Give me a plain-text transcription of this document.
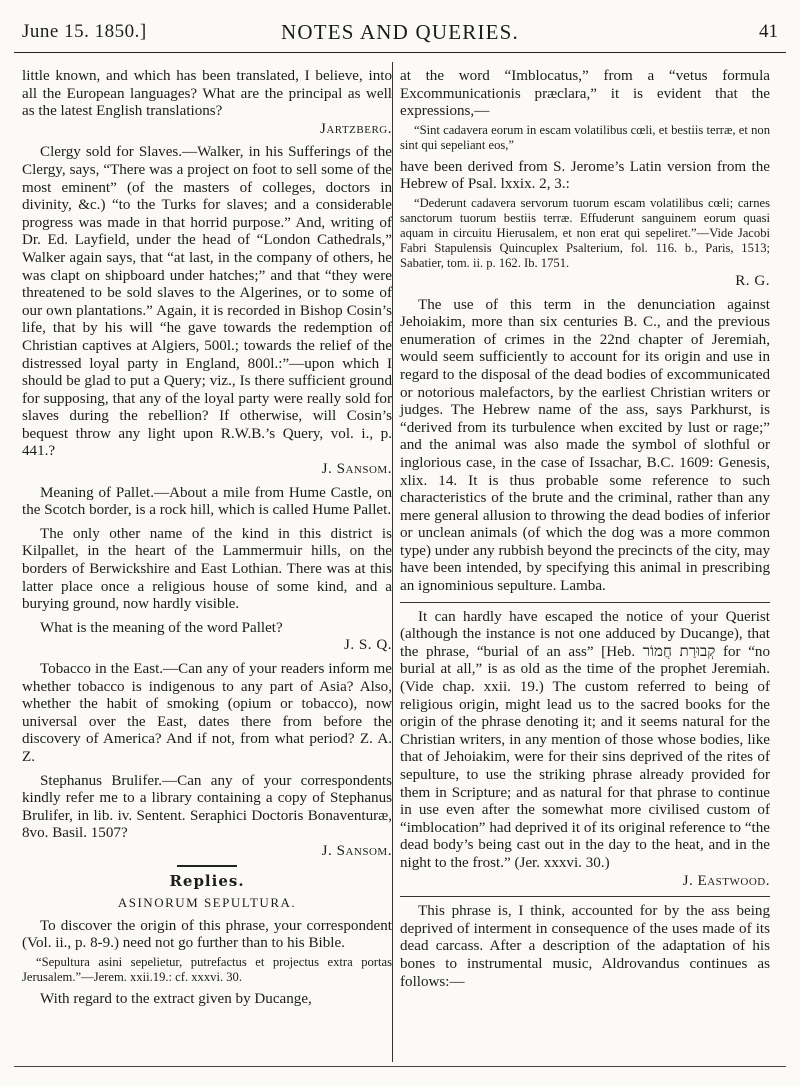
June 15. 1850.]	NOTES AND QUERIES.	41

little known, and which has been translated, I believe, into all the European languages? What are the principal as well as the latest English translations?

Jartzberg.

Clergy sold for Slaves.—Walker, in his Sufferings of the Clergy, says, “There was a project on foot to sell some of the most eminent” (of the masters of colleges, doctors in divinity, &c.) “to the Turks for slaves; and a considerable progress was made in that horrid purpose.” And, writing of Dr. Ed. Layfield, under the head of “London Cathedrals,” Walker again says, that “at last, in the company of others, he was clapt on shipboard under hatches;” and that “they were threatened to be sold slaves to the Algerines, or to some of our own plantations.” Again, it is recorded in Bishop Cosin’s life, that by his will “he gave towards the redemption of Christian captives at Algiers, 500l.; towards the relief of the distressed loyal party in England, 800l.:”—upon which I should be glad to put a Query; viz., Is there sufficient ground for supposing, that any of the loyal party were really sold for slaves during the rebellion? If otherwise, will Cosin’s bequest throw any light upon R.W.B.’s Query, vol. i., p. 441.?

J. Sansom.

Meaning of Pallet.—About a mile from Hume Castle, on the Scotch border, is a rock hill, which is called Hume Pallet.

The only other name of the kind in this district is Kilpallet, in the heart of the Lammermuir hills, on the borders of Berwickshire and East Lothian. There was at this latter place once a religious house of some kind, and a burying ground, now hardly visible.

What is the meaning of the word Pallet?

J. S. Q.

Tobacco in the East.—Can any of your readers inform me whether tobacco is indigenous to any part of Asia? Also, whether the habit of smoking (opium or tobacco), now universal over the East, dates there from before the discovery of America? And if not, from what period? Z. A. Z.

Stephanus Brulifer.—Can any of your correspondents kindly refer me to a library containing a copy of Stephanus Brulifer, in lib. iv. Sentent. Seraphici Doctoris Bonaventuræ, 8vo. Basil. 1507?

J. Sansom.

Replies.
ASINORUM SEPULTURA.

To discover the origin of this phrase, your correspondent (Vol. ii., p. 8-9.) need not go further than to his Bible.

“Sepultura asini sepelietur, putrefactus et projectus extra portas Jerusalem.”—Jerem. xxii.19.: cf. xxxvi. 30.

With regard to the extract given by Ducange,

at the word “Imblocatus,” from a “vetus formula Excommunicationis præclara,” it is evident that the expressions,—

“Sint cadavera eorum in escam volatilibus cœli, et bestiis terræ, et non sint qui sepeliant eos,”

have been derived from S. Jerome’s Latin version from the Hebrew of Psal. lxxix. 2, 3.:

“Dederunt cadavera servorum tuorum escam volatilibus cœli; carnes sanctorum tuorum bestiis terræ. Effuderunt sanguinem eorum quasi aquam in circuitu Hierusalem, et non erat qui sepeliret.”—Vide Jacobi Fabri Stapulensis Quincuplex Psalterium, fol. 116. b., Paris, 1513; Sabatier, tom. ii. p. 162. Ib. 1751.

R. G.

The use of this term in the denunciation against Jehoiakim, more than six centuries B. C., and the previous enumeration of crimes in the 22nd chapter of Jeremiah, would seem sufficiently to account for its origin and use in regard to the disposal of the dead bodies of excommunicated or notorious malefactors, by the earliest Christian writers or judges. The Hebrew name of the ass, says Parkhurst, is “derived from its turbulence when excited by lust or rage;” and the animal was also made the symbol of slothful or inglorious case, in the case of Issachar, B.C. 1609: Genesis, xlix. 14. It is thus probable some reference to such characteristics of the brute and the criminal, rather than any mere general allusion to throwing the dead bodies of inferior or unclean animals (of which the dog was a more common type) under any rubbish beyond the precincts of the city, may have been intended, by specifying this animal in prescribing an ignominious sepulture. Lamba.

It can hardly have escaped the notice of your Querist (although the instance is not one adduced by Ducange), that the phrase, “burial of an ass” [Heb. קְבוּרַת חֲמוֹר for “no burial at all,” is as old as the time of the prophet Jeremiah. (Vide chap. xxii. 19.) The custom referred to being of religious origin, might lead us to the sacred books for the origin of the phrase denoting it; and it seems natural for the Christian writers, in any mention of those whose bodies, like that of Jehoiakim, were for their sins deprived of the rites of sepulture, to use the striking phrase already provided for them in Scripture; and as natural for that phrase to continue in use even after the somewhat more civilised custom of “imblocation” had deprived it of its original reference to “the dead body’s being cast out in the day to the heat, and in the night to the frost.” (Jer. xxxvi. 30.)

J. Eastwood.

This phrase is, I think, accounted for by the ass being deprived of interment in consequence of the uses made of its dead carcass. After a description of the adaptation of his bones to instrumental music, Aldrovandus continues as follows:—
